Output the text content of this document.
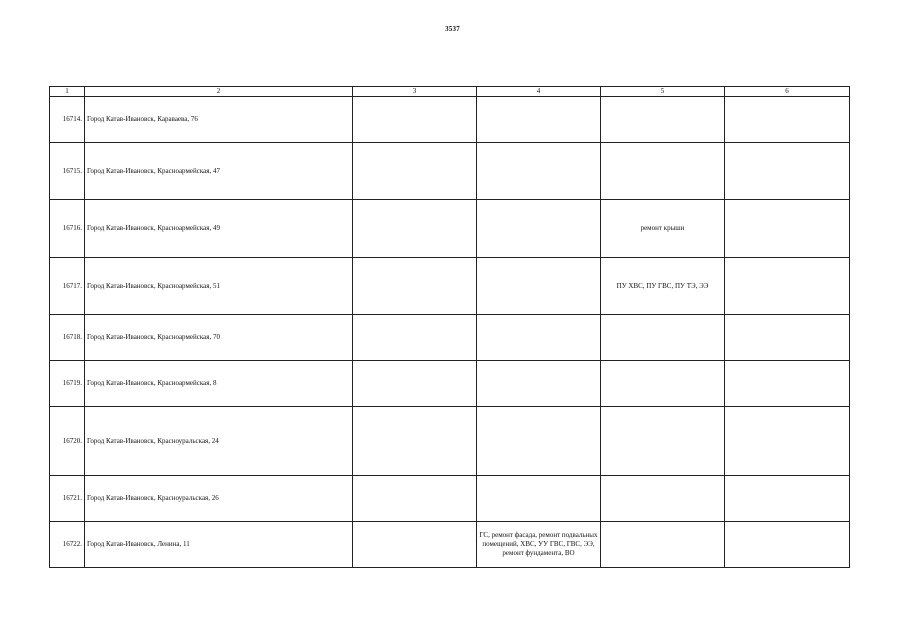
3537
1	2	3	4	5	6
16714.	Город Катав-Ивановск, Караваева, 76				
16715.	Город Катав-Ивановск, Красноармейская, 47				
16716.	Город Катав-Ивановск, Красноармейская, 49			ремонт крыши	
16717.	Город Катав-Ивановск, Красноармейская, 51			ПУ ХВС, ПУ ГВС, ПУ ТЭ, ЭЭ	
16718.	Город Катав-Ивановск, Красноармейская, 70				
16719.	Город Катав-Ивановск, Красноармейская, 8				
16720.	Город Катав-Ивановск, Красноуральская, 24				
16721.	Город Катав-Ивановск, Красноуральская, 26				
16722.	Город Катав-Ивановск, Ленина, 11		ГС, ремонт фасада, ремонт подвальных помещений, ХВС, УУ ГВС, ГВС, ЭЭ, ремонт фундамента, ВО		
